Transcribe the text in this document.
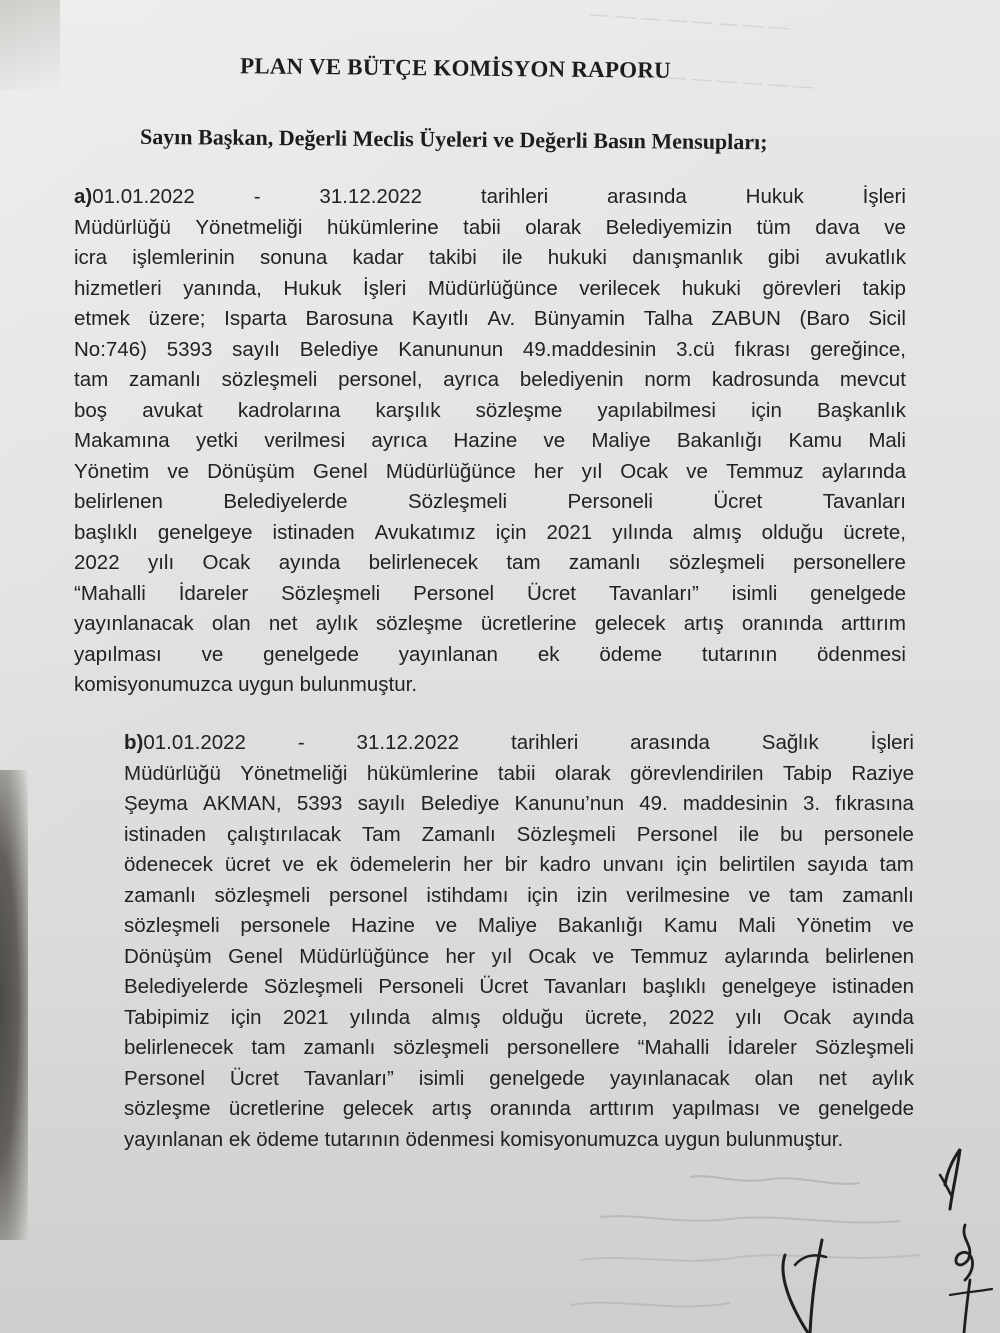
― ― ― ― ― ― ― ―
― ― ― ― ― ― ―
PLAN VE BÜTÇE KOMİSYON RAPORU
Sayın Başkan, Değerli Meclis Üyeleri ve Değerli Basın Mensupları;
a)01.01.2022	-	31.12.2022	tarihleri	arasında	Hukuk	İşleri
Müdürlüğü Yönetmeliği hükümlerine tabii olarak Belediyemizin tüm dava ve
icra işlemlerinin sonuna kadar takibi ile hukuki danışmanlık gibi avukatlık
hizmetleri yanında, Hukuk İşleri Müdürlüğünce verilecek hukuki görevleri takip
etmek üzere; Isparta Barosuna Kayıtlı Av. Bünyamin Talha ZABUN (Baro Sicil
No:746) 5393 sayılı Belediye Kanununun 49.maddesinin 3.cü fıkrası gereğince,
tam zamanlı sözleşmeli personel, ayrıca belediyenin norm kadrosunda mevcut
boş avukat kadrolarına karşılık sözleşme yapılabilmesi için Başkanlık
Makamına yetki verilmesi ayrıca Hazine ve Maliye Bakanlığı Kamu Mali
Yönetim ve Dönüşüm Genel Müdürlüğünce her yıl Ocak ve Temmuz aylarında
belirlenen	Belediyelerde	Sözleşmeli	Personeli	Ücret	Tavanları
başlıklı genelgeye istinaden Avukatımız için 2021 yılında almış olduğu ücrete,
2022 yılı Ocak ayında belirlenecek tam zamanlı sözleşmeli personellere
“Mahalli İdareler Sözleşmeli Personel Ücret Tavanları” isimli genelgede
yayınlanacak olan net aylık sözleşme ücretlerine gelecek artış oranında arttırım
yapılması ve genelgede yayınlanan ek ödeme tutarının ödenmesi
komisyonumuzca
uygun
bulunmuştur.
b)01.01.2022	-	31.12.2022	tarihleri	arasında	Sağlık	İşleri
Müdürlüğü Yönetmeliği hükümlerine tabii olarak görevlendirilen Tabip Raziye
Şeyma AKMAN, 5393 sayılı Belediye Kanunu’nun 49. maddesinin 3. fıkrasına
istinaden çalıştırılacak Tam Zamanlı Sözleşmeli Personel ile bu personele
ödenecek ücret ve ek ödemelerin her bir kadro unvanı için belirtilen sayıda tam
zamanlı sözleşmeli personel istihdamı için izin verilmesine ve tam zamanlı
sözleşmeli personele Hazine ve Maliye Bakanlığı Kamu Mali Yönetim ve
Dönüşüm Genel Müdürlüğünce her yıl Ocak ve Temmuz aylarında belirlenen
Belediyelerde Sözleşmeli Personeli Ücret Tavanları başlıklı genelgeye istinaden
Tabipimiz için 2021 yılında almış olduğu ücrete, 2022 yılı Ocak ayında
belirlenecek tam zamanlı sözleşmeli personellere “Mahalli İdareler Sözleşmeli
Personel Ücret Tavanları” isimli genelgede yayınlanacak olan net aylık
sözleşme ücretlerine gelecek artış oranında arttırım yapılması ve genelgede
yayınlanan
ek
ödeme
tutarının
ödenmesi
komisyonumuzca
uygun
bulunmuştur.
